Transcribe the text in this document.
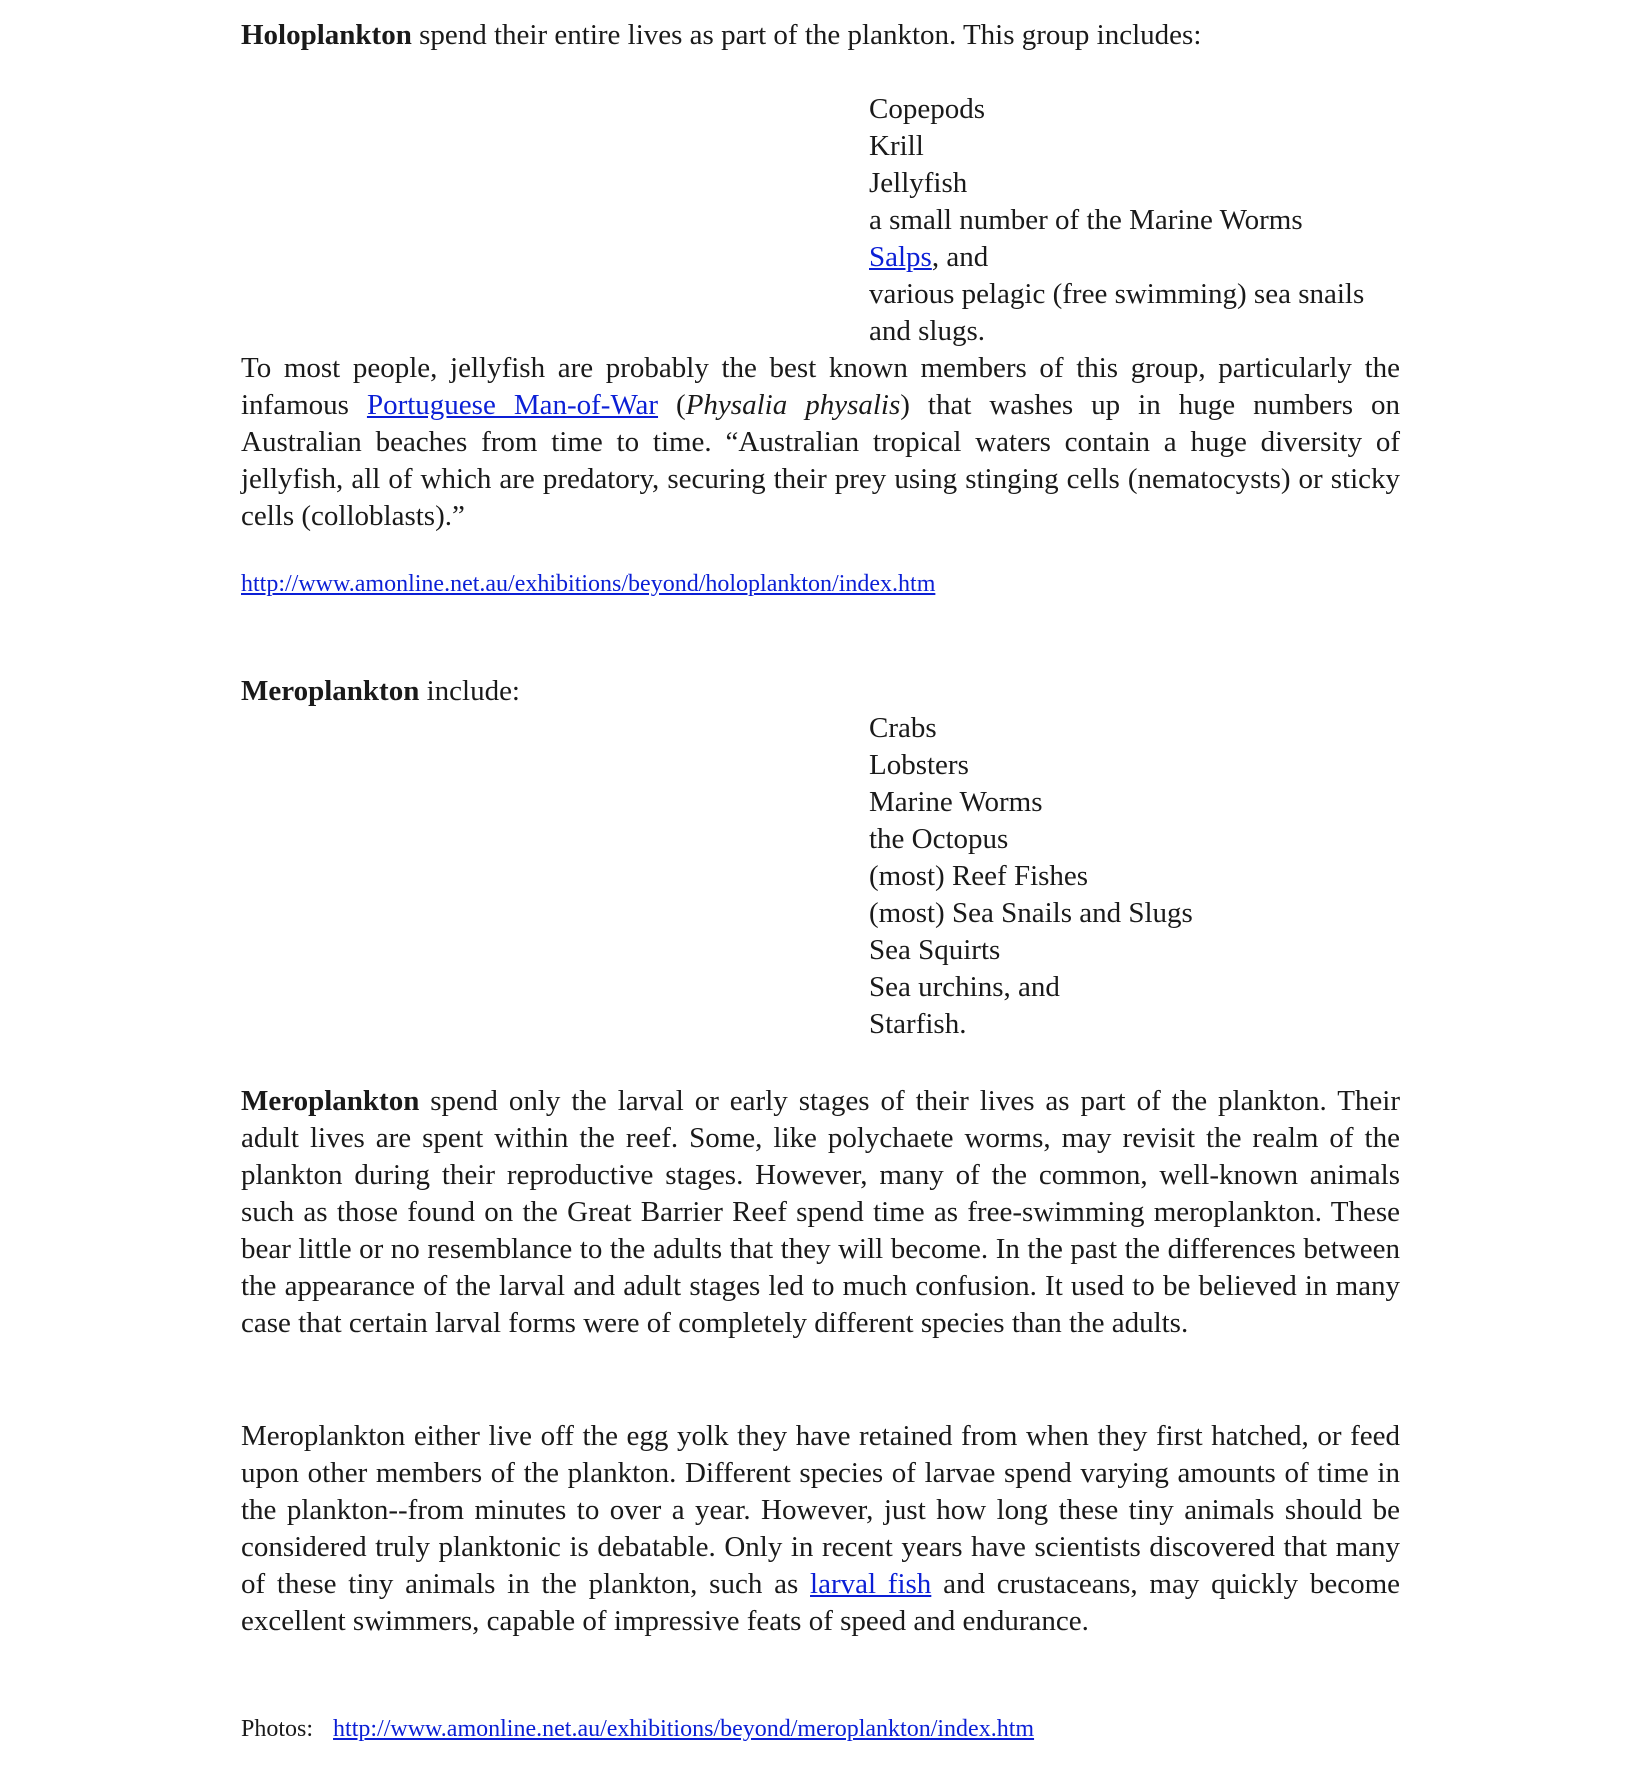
Holoplankton spend their entire lives as part of the plankton. This group includes:

Copepods
Krill
Jellyfish
a small number of the Marine Worms
Salps, and
various pelagic (free swimming) sea snails and slugs.

To most people, jellyfish are probably the best known members of this group, particularly the infamous Portuguese Man-of-War (Physalia physalis) that washes up in huge numbers on Australian beaches from time to time. “Australian tropical waters contain a huge diversity of jellyfish, all of which are predatory, securing their prey using stinging cells (nematocysts) or sticky cells (colloblasts).”

http://www.amonline.net.au/exhibitions/beyond/holoplankton/index.htm

Meroplankton include:

Crabs
Lobsters
Marine Worms
the Octopus
(most) Reef Fishes
(most) Sea Snails and Slugs
Sea Squirts
Sea urchins, and
Starfish.

Meroplankton spend only the larval or early stages of their lives as part of the plankton. Their adult lives are spent within the reef. Some, like polychaete worms, may revisit the realm of the plankton during their reproductive stages. However, many of the common, well-known animals such as those found on the Great Barrier Reef spend time as free-swimming meroplankton. These bear little or no resemblance to the adults that they will become. In the past the differences between the appearance of the larval and adult stages led to much confusion. It used to be believed in many case that certain larval forms were of completely different species than the adults.

Meroplankton either live off the egg yolk they have retained from when they first hatched, or feed upon other members of the plankton. Different species of larvae spend varying amounts of time in the plankton--from minutes to over a year. However, just how long these tiny animals should be considered truly planktonic is debatable. Only in recent years have scientists discovered that many of these tiny animals in the plankton, such as larval fish and crustaceans, may quickly become excellent swimmers, capable of impressive feats of speed and endurance.

Photos: http://www.amonline.net.au/exhibitions/beyond/meroplankton/index.htm
